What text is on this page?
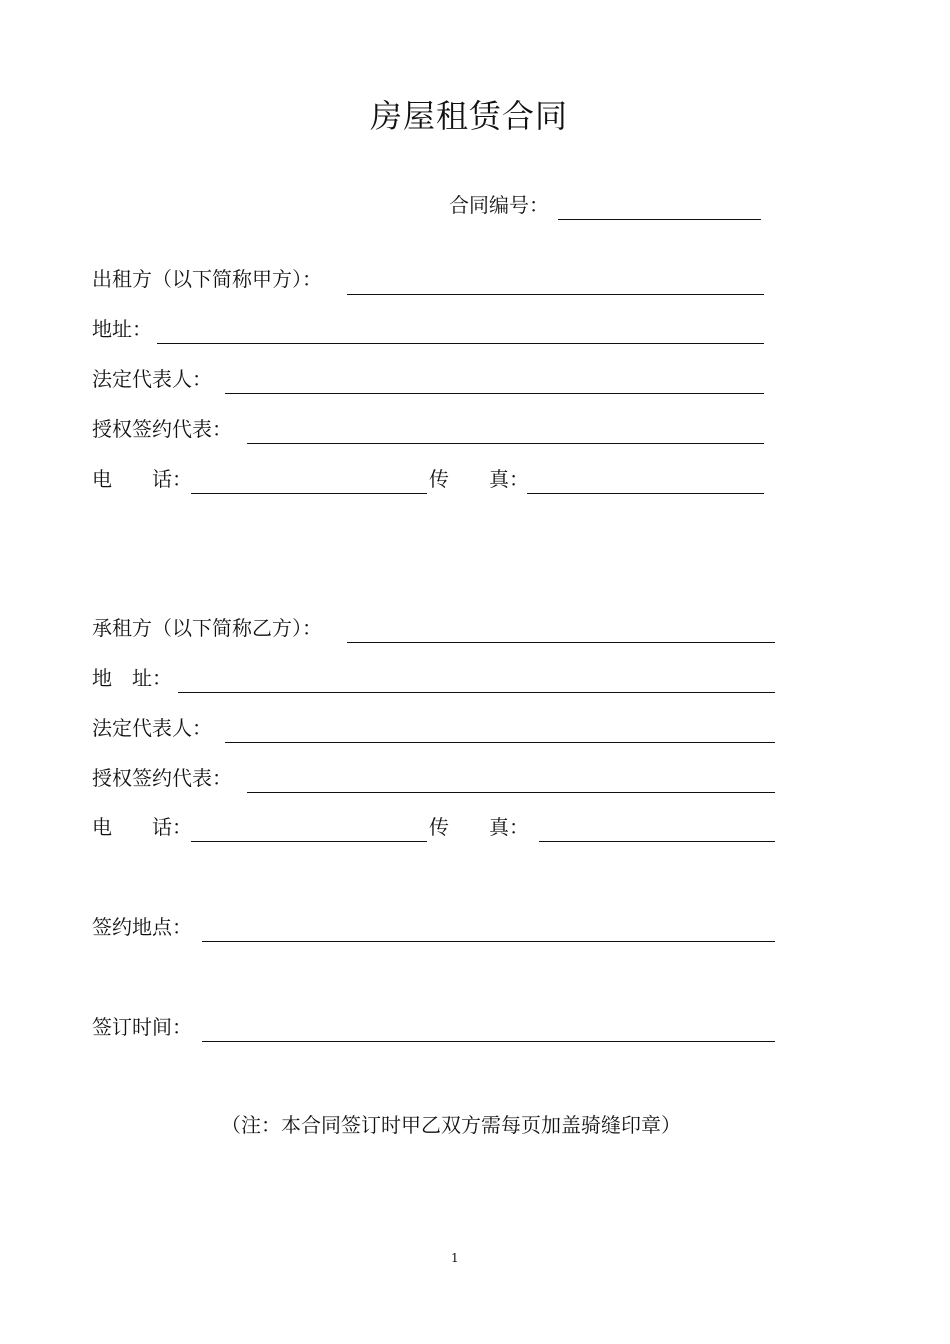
房屋租赁合同
合同编号：
出租方（以下简称甲方）：
地址：
法定代表人：
授权签约代表：
电　　话：	传　　真：
承租方（以下简称乙方）：
地　址：
法定代表人：
授权签约代表：
电　　话：	传　　真：
签约地点：
签订时间：
（注：本合同签订时甲乙双方需每页加盖骑缝印章）
1
